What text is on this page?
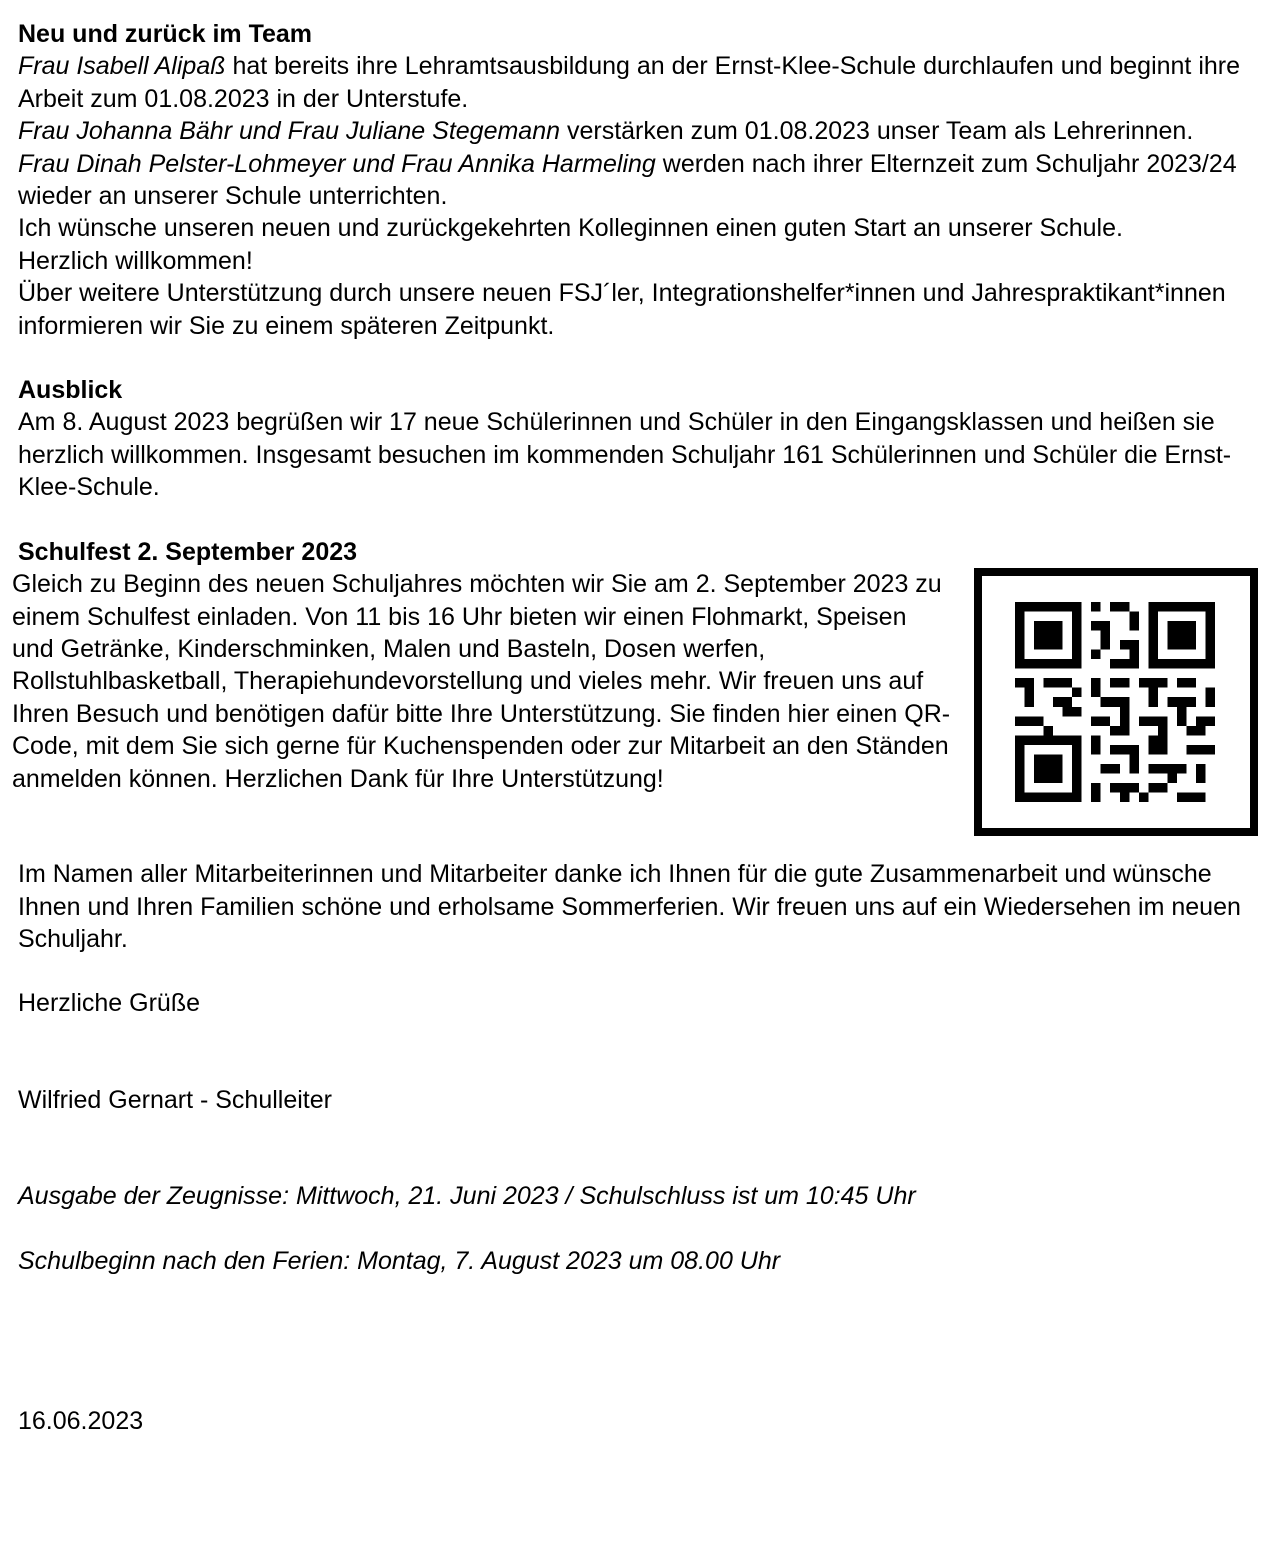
Neu und zurück im Team

Frau Isabell Alipaß hat bereits ihre Lehramtsausbildung an der Ernst-Klee-Schule durchlaufen und beginnt ihre Arbeit zum 01.08.2023 in der Unterstufe.

Frau Johanna Bähr und Frau Juliane Stegemann verstärken zum 01.08.2023 unser Team als Lehrerinnen.

Frau Dinah Pelster-Lohmeyer und Frau Annika Harmeling werden nach ihrer Elternzeit zum Schuljahr 2023/24 wieder an unserer Schule unterrichten.

Ich wünsche unseren neuen und zurückgekehrten Kolleginnen einen guten Start an unserer Schule.

Herzlich willkommen!

Über weitere Unterstützung durch unsere neuen FSJ´ler, Integrationshelfer*innen und Jahrespraktikant*innen informieren wir Sie zu einem späteren Zeitpunkt.

Ausblick

Am 8. August 2023 begrüßen wir 17 neue Schülerinnen und Schüler in den Eingangsklassen und heißen sie herzlich willkommen. Insgesamt besuchen im kommenden Schuljahr 161 Schülerinnen und Schüler die Ernst-Klee-Schule.

Schulfest 2. September 2023

Gleich zu Beginn des neuen Schuljahres möchten wir Sie am 2. September 2023 zu einem Schulfest einladen. Von 11 bis 16 Uhr bieten wir einen Flohmarkt, Speisen und Getränke, Kinderschminken, Malen und Basteln, Dosen werfen, Rollstuhlbasketball, Therapiehundevorstellung und vieles mehr. Wir freuen uns auf Ihren Besuch und benötigen dafür bitte Ihre Unterstützung. Sie finden hier einen QR-Code, mit dem Sie sich gerne für Kuchenspenden oder zur Mitarbeit an den Ständen anmelden können. Herzlichen Dank für Ihre Unterstützung!

Im Namen aller Mitarbeiterinnen und Mitarbeiter danke ich Ihnen für die gute Zusammenarbeit und wünsche Ihnen und Ihren Familien schöne und erholsame Sommerferien. Wir freuen uns auf ein Wiedersehen im neuen Schuljahr.

Herzliche Grüße

Wilfried Gernart - Schulleiter

Ausgabe der Zeugnisse: Mittwoch, 21. Juni 2023 / Schulschluss ist um 10:45 Uhr

Schulbeginn nach den Ferien: Montag, 7. August 2023 um 08.00 Uhr

16.06.2023
